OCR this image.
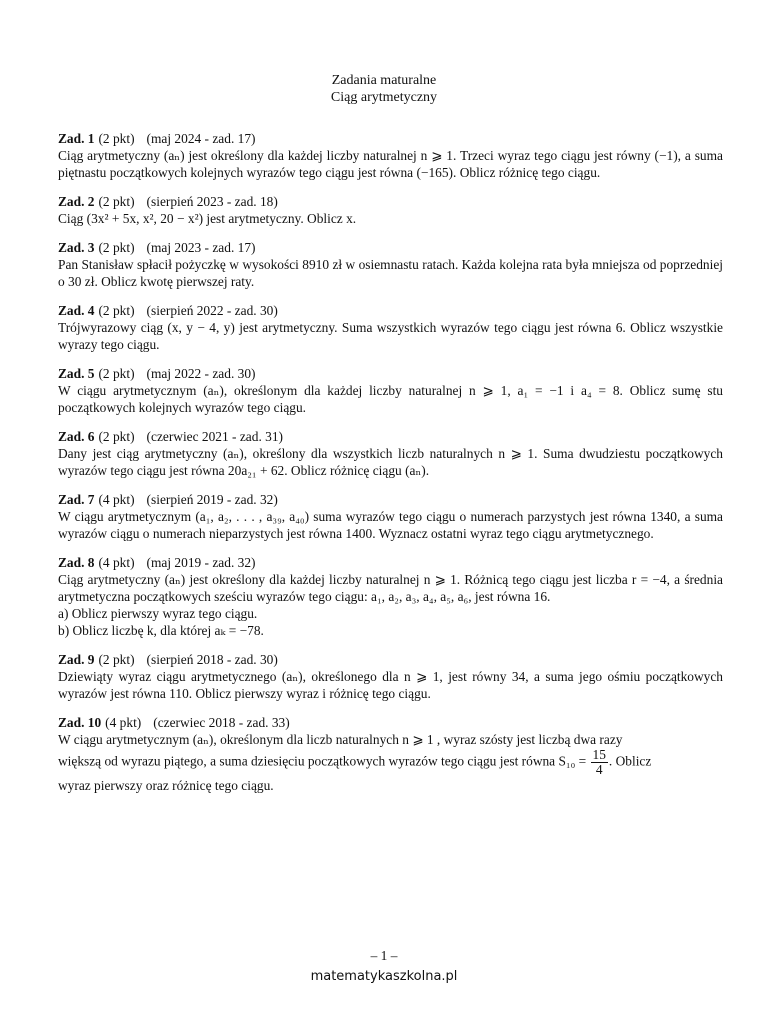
Zadania maturalne
Ciąg arytmetyczny
Zad. 1 (2 pkt) (maj 2024 - zad. 17)
Ciąg arytmetyczny (aₙ) jest określony dla każdej liczby naturalnej n ⩾ 1. Trzeci wyraz tego ciągu jest równy (−1), a suma piętnastu początkowych kolejnych wyrazów tego ciągu jest równa (−165). Oblicz różnicę tego ciągu.
Zad. 2 (2 pkt) (sierpień 2023 - zad. 18)
Ciąg (3x² + 5x, x², 20 − x²) jest arytmetyczny. Oblicz x.
Zad. 3 (2 pkt) (maj 2023 - zad. 17)
Pan Stanisław spłacił pożyczkę w wysokości 8910 zł w osiemnastu ratach. Każda kolejna rata była mniejsza od poprzedniej o 30 zł. Oblicz kwotę pierwszej raty.
Zad. 4 (2 pkt) (sierpień 2022 - zad. 30)
Trójwyrazowy ciąg (x, y − 4, y) jest arytmetyczny. Suma wszystkich wyrazów tego ciągu jest równa 6. Oblicz wszystkie wyrazy tego ciągu.
Zad. 5 (2 pkt) (maj 2022 - zad. 30)
W ciągu arytmetycznym (aₙ), określonym dla każdej liczby naturalnej n ⩾ 1, a₁ = −1 i a₄ = 8. Oblicz sumę stu początkowych kolejnych wyrazów tego ciągu.
Zad. 6 (2 pkt) (czerwiec 2021 - zad. 31)
Dany jest ciąg arytmetyczny (aₙ), określony dla wszystkich liczb naturalnych n ⩾ 1. Suma dwudziestu początkowych wyrazów tego ciągu jest równa 20a₂₁ + 62. Oblicz różnicę ciągu (aₙ).
Zad. 7 (4 pkt) (sierpień 2019 - zad. 32)
W ciągu arytmetycznym (a₁, a₂, . . . , a₃₉, a₄₀) suma wyrazów tego ciągu o numerach parzystych jest równa 1340, a suma wyrazów ciągu o numerach nieparzystych jest równa 1400. Wyznacz ostatni wyraz tego ciągu arytmetycznego.
Zad. 8 (4 pkt) (maj 2019 - zad. 32)
Ciąg arytmetyczny (aₙ) jest określony dla każdej liczby naturalnej n ⩾ 1. Różnicą tego ciągu jest liczba r = −4, a średnia arytmetyczna początkowych sześciu wyrazów tego ciągu: a₁, a₂, a₃, a₄, a₅, a₆, jest równa 16.
a) Oblicz pierwszy wyraz tego ciągu.
b) Oblicz liczbę k, dla której aₖ = −78.
Zad. 9 (2 pkt) (sierpień 2018 - zad. 30)
Dziewiąty wyraz ciągu arytmetycznego (aₙ), określonego dla n ⩾ 1, jest równy 34, a suma jego ośmiu początkowych wyrazów jest równa 110. Oblicz pierwszy wyraz i różnicę tego ciągu.
Zad. 10 (4 pkt) (czerwiec 2018 - zad. 33)
W ciągu arytmetycznym (aₙ), określonym dla liczb naturalnych n ⩾ 1 , wyraz szósty jest liczbą dwa razy
większą od wyrazu piątego, a suma dziesięciu początkowych wyrazów tego ciągu jest równa $S_{10} = \frac{15}{4}$ . Oblicz
wyraz pierwszy oraz różnicę tego ciągu.
– 1 –
matematykaszkolna.pl
